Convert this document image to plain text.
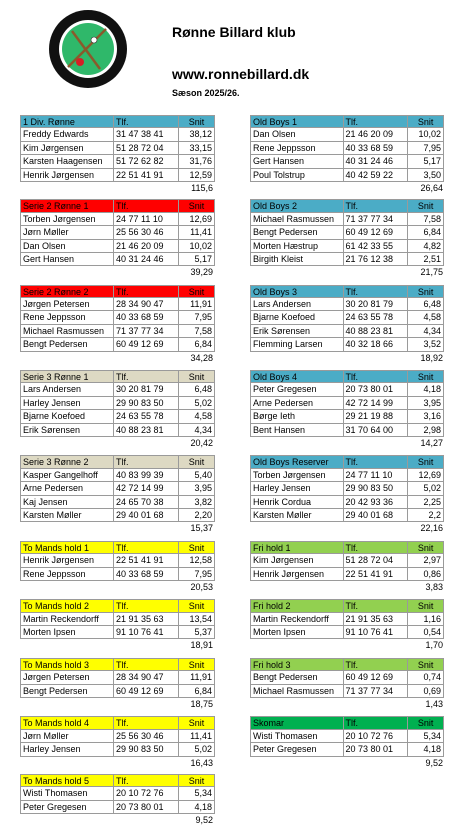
Rønne Billard klub
www.ronnebillard.dk
Sæson 2025/26.
1 Div. Rønne	Tlf.	Snit
Freddy Edwards	31 47 38 41	38,12
Kim Jørgensen	51 28 72 04	33,15
Karsten Haagensen	51 72 62 82	31,76
Henrik Jørgensen	22 51 41 91	12,59
115,6
Serie 2 Rønne 1	Tlf.	Snit
Torben Jørgensen	24 77 11 10	12,69
Jørn Møller	25 56 30 46	11,41
Dan Olsen	21 46 20 09	10,02
Gert Hansen	40 31 24 46	5,17
39,29
Serie 2 Rønne 2	Tlf.	Snit
Jørgen Petersen	28 34 90 47	11,91
Rene Jeppsson	40 33 68 59	7,95
Michael Rasmussen	71 37 77 34	7,58
Bengt Pedersen	60 49 12 69	6,84
34,28
Serie 3 Rønne 1	Tlf.	Snit
Lars Andersen	30 20 81 79	6,48
Harley Jensen	29 90 83 50	5,02
Bjarne Koefoed	24 63 55 78	4,58
Erik Sørensen	40 88 23 81	4,34
20,42
Serie 3 Rønne 2	Tlf.	Snit
Kasper Gangelhoff	40 83 99 39	5,40
Arne Pedersen	42 72 14 99	3,95
Kaj Jensen	24 65 70 38	3,82
Karsten Møller	29 40 01 68	2,20
15,37
To Mands hold 1	Tlf.	Snit
Henrik Jørgensen	22 51 41 91	12,58
Rene Jeppsson	40 33 68 59	7,95
20,53
To Mands hold 2	Tlf.	Snit
Martin Reckendorff	21 91 35 63	13,54
Morten Ipsen	91 10 76 41	5,37
18,91
To Mands hold 3	Tlf.	Snit
Jørgen Petersen	28 34 90 47	11,91
Bengt Pedersen	60 49 12 69	6,84
18,75
To Mands hold 4	Tlf.	Snit
Jørn Møller	25 56 30 46	11,41
Harley Jensen	29 90 83 50	5,02
16,43
To Mands hold 5	Tlf.	Snit
Wisti Thomasen	20 10 72 76	5,34
Peter Gregesen	20 73 80 01	4,18
9,52
Old Boys 1	Tlf.	Snit
Dan Olsen	21 46 20 09	10,02
Rene Jeppsson	40 33 68 59	7,95
Gert Hansen	40 31 24 46	5,17
Poul Tolstrup	40 42 59 22	3,50
26,64
Old Boys 2	Tlf.	Snit
Michael Rasmussen	71 37 77 34	7,58
Bengt Pedersen	60 49 12 69	6,84
Morten Hæstrup	61 42 33 55	4,82
Birgith Kleist	21 76 12 38	2,51
21,75
Old Boys 3	Tlf.	Snit
Lars Andersen	30 20 81 79	6,48
Bjarne Koefoed	24 63 55 78	4,58
Erik Sørensen	40 88 23 81	4,34
Flemming Larsen	40 32 18 66	3,52
18,92
Old Boys 4	Tlf.	Snit
Peter Gregesen	20 73 80 01	4,18
Arne Pedersen	42 72 14 99	3,95
Børge Ieth	29 21 19 88	3,16
Bent Hansen	31 70 64 00	2,98
14,27
Old Boys Reserver	Tlf.	Snit
Torben Jørgensen	24 77 11 10	12,69
Harley Jensen	29 90 83 50	5,02
Henrik Cordua	20 42 93 36	2,25
Karsten Møller	29 40 01 68	2,2
22,16
Fri hold 1	Tlf.	Snit
Kim Jørgensen	51 28 72 04	2,97
Henrik Jørgensen	22 51 41 91	0,86
3,83
Fri hold 2	Tlf.	Snit
Martin Reckendorff	21 91 35 63	1,16
Morten Ipsen	91 10 76 41	0,54
1,70
Fri hold 3	Tlf.	Snit
Bengt Pedersen	60 49 12 69	0,74
Michael Rasmussen	71 37 77 34	0,69
1,43
Skomar	Tlf.	Snit
Wisti Thomasen	20 10 72 76	5,34
Peter Gregesen	20 73 80 01	4,18
9,52
